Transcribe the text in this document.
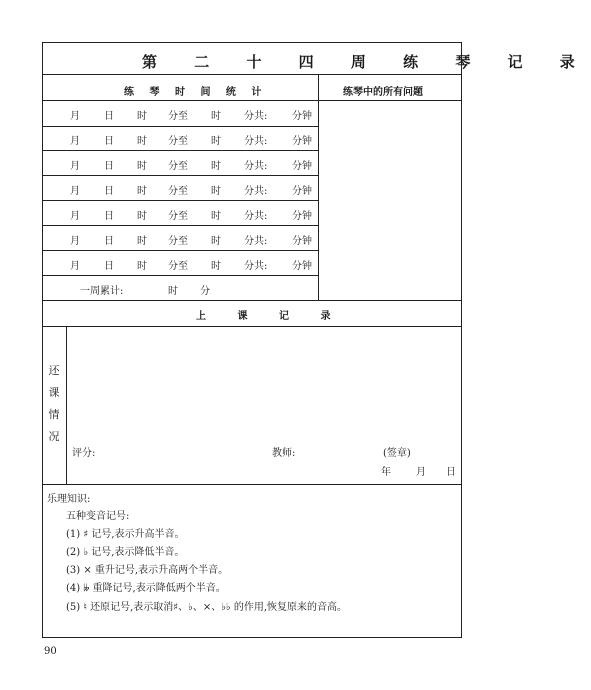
第 二 十 四 周 练 琴 记 录
练 琴 时 间 统 计	练琴中的所有问题
月 日 时 分至 时 分共: 分钟
月 日 时 分至 时 分共: 分钟
月 日 时 分至 时 分共: 分钟
月 日 时 分至 时 分共: 分钟
月 日 时 分至 时 分共: 分钟
月 日 时 分至 时 分共: 分钟
月 日 时 分至 时 分共: 分钟
一周累计:	时 分
上 课 记 录
还
课
情
况
评分:	教师:	(签章)
年	月 日
乐理知识:
五种变音记号:
(1) ♯ 记号,表示升高半音。
(2) ♭ 记号,表示降低半音。
(3) × 重升记号,表示升高两个半音。
(4) 𝄫 重降记号,表示降低两个半音。
(5) ♮ 还原记号,表示取消♯、♭、×、♭♭ 的作用,恢复原来的音高。
90
